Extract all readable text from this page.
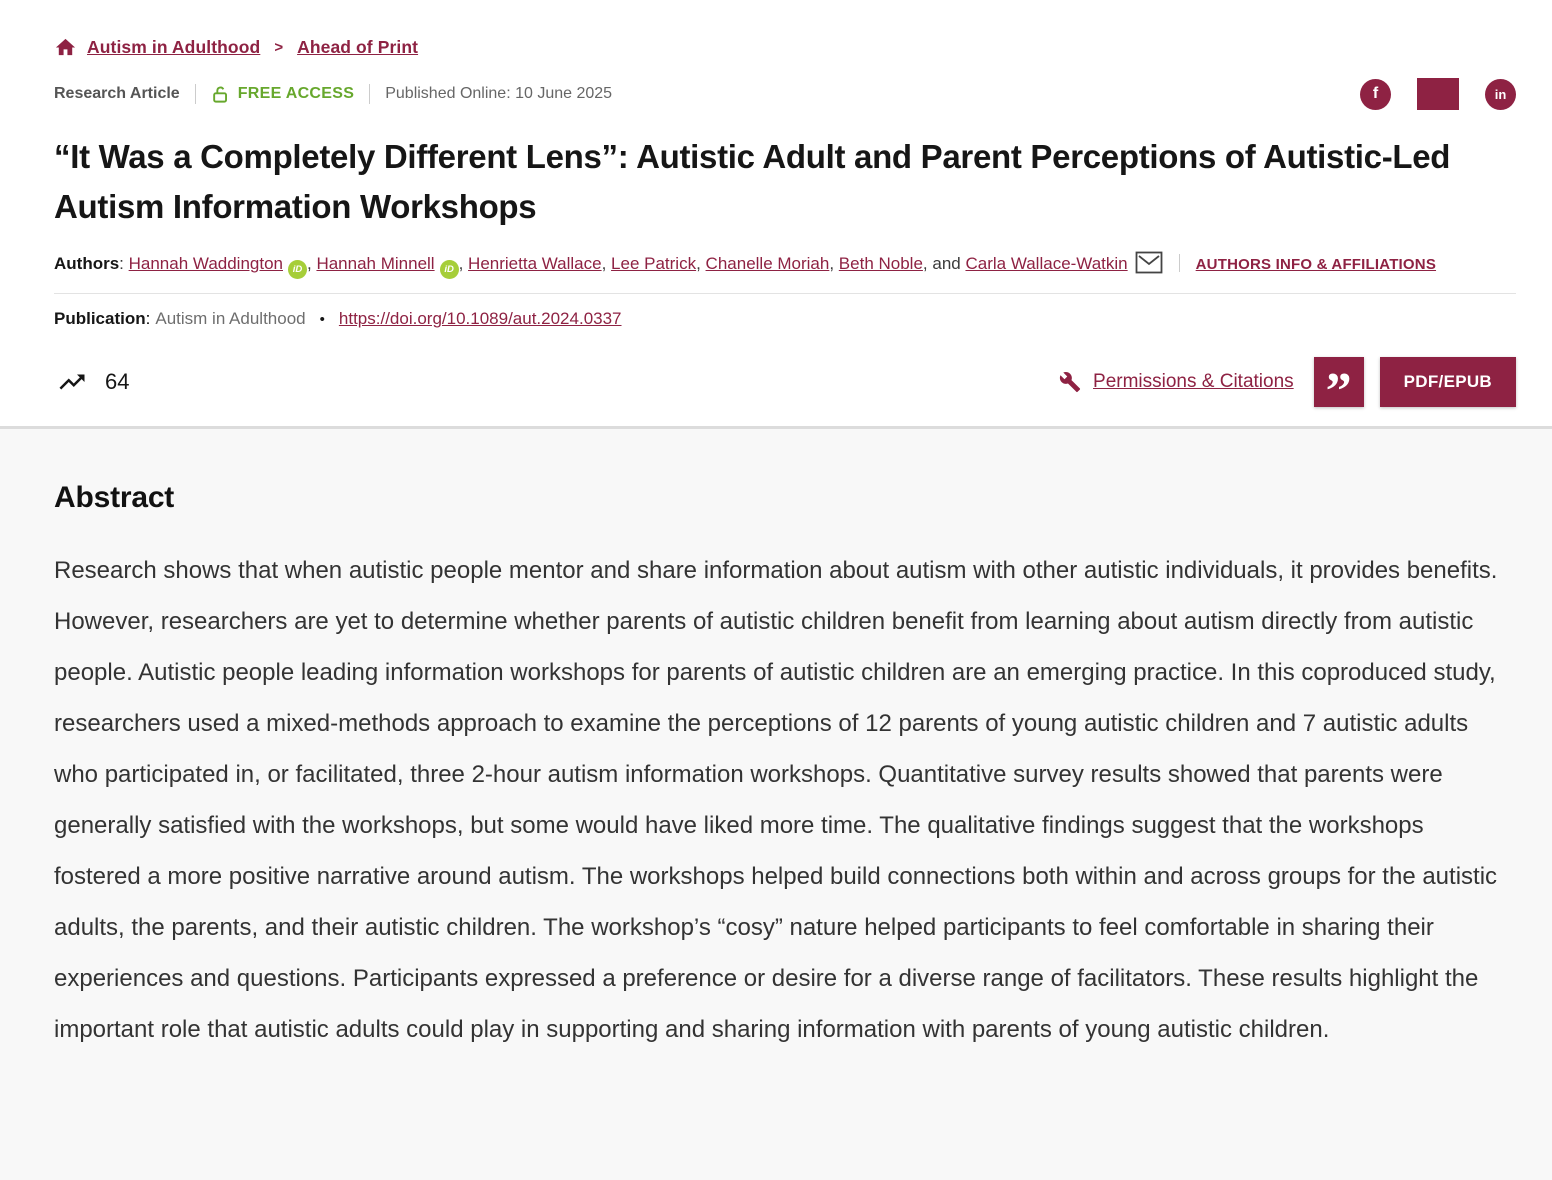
Autism in Adulthood > Ahead of Print
Research Article	FREE ACCESS Published Online: 10 June 2025	f	in
“It Was a Completely Different Lens”: Autistic Adult and Parent Perceptions of Autistic-Led Autism Information Workshops

Authors: Hannah Waddington iD , Hannah Minnell iD , Henrietta Wallace, Lee Patrick, Chanelle Moriah, Beth Noble, and Carla Wallace-Watkin	AUTHORS INFO & AFFILIATIONS

Publication : Autism in Adulthood • https://doi.org/10.1089/aut.2024.0337
64	Permissions & Citations ”	PDF/EPUB
Abstract

Research shows that when autistic people mentor and share information about autism with other autistic individuals, it provides benefits. However, researchers are yet to determine whether parents of autistic children benefit from learning about autism directly from autistic people. Autistic people leading information workshops for parents of autistic children are an emerging practice. In this coproduced study, researchers used a mixed-methods approach to examine the perceptions of 12 parents of young autistic children and 7 autistic adults who participated in, or facilitated, three 2-hour autism information workshops. Quantitative survey results showed that parents were generally satisfied with the workshops, but some would have liked more time. The qualitative findings suggest that the workshops fostered a more positive narrative around autism. The workshops helped build connections both within and across groups for the autistic adults, the parents, and their autistic children. The workshop’s “cosy” nature helped participants to feel comfortable in sharing their experiences and questions. Participants expressed a preference or desire for a diverse range of facilitators. These results highlight the important role that autistic adults could play in supporting and sharing information with parents of young autistic children.
